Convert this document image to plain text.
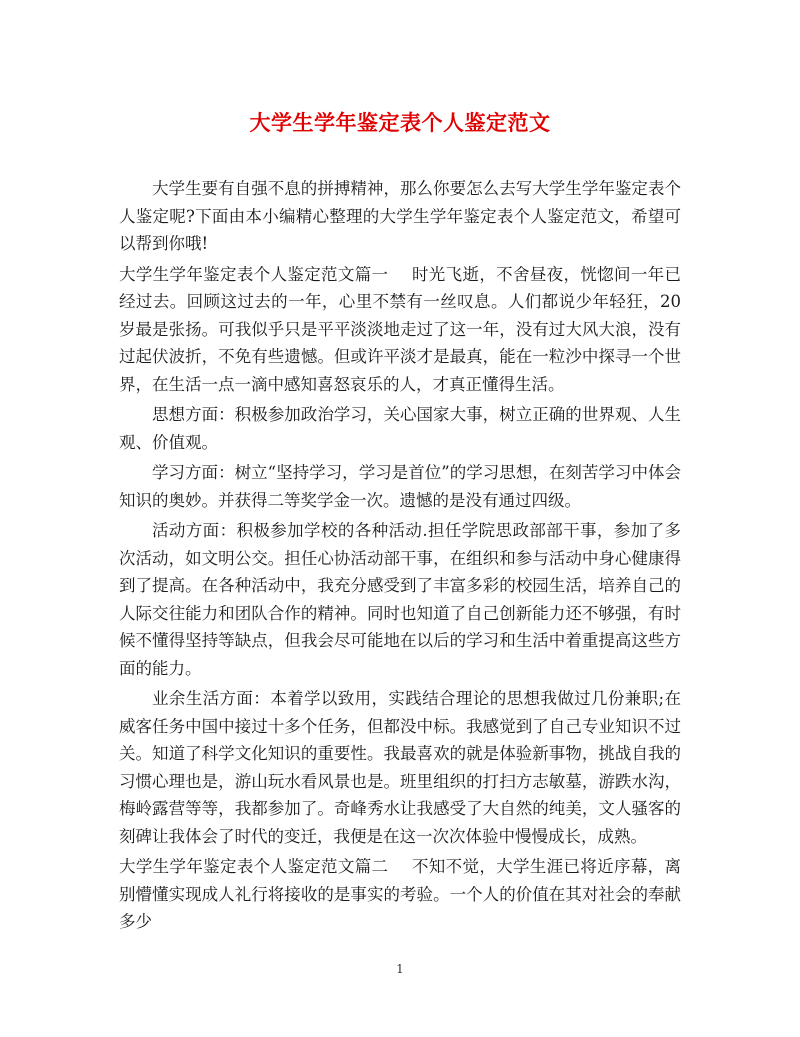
大学生学年鉴定表个人鉴定范文

大学生要有自强不息的拼搏精神，那么你要怎么去写大学生学年鉴定表个人鉴定呢?下面由本小编精心整理的大学生学年鉴定表个人鉴定范文，希望可以帮到你哦!

大学生学年鉴定表个人鉴定范文篇一 时光飞逝，不舍昼夜，恍惚间一年已经过去。回顾这过去的一年，心里不禁有一丝叹息。人们都说少年轻狂，20岁最是张扬。可我似乎只是平平淡淡地走过了这一年，没有过大风大浪，没有过起伏波折，不免有些遗憾。但或许平淡才是最真，能在一粒沙中探寻一个世界，在生活一点一滴中感知喜怒哀乐的人，才真正懂得生活。

思想方面：积极参加政治学习，关心国家大事，树立正确的世界观、人生观、价值观。

学习方面：树立“坚持学习，学习是首位”的学习思想，在刻苦学习中体会知识的奥妙。并获得二等奖学金一次。遗憾的是没有通过四级。

活动方面：积极参加学校的各种活动.担任学院思政部部干事，参加了多次活动，如文明公交。担任心协活动部干事，在组织和参与活动中身心健康得到了提高。在各种活动中，我充分感受到了丰富多彩的校园生活，培养自己的人际交往能力和团队合作的精神。同时也知道了自己创新能力还不够强，有时候不懂得坚持等缺点，但我会尽可能地在以后的学习和生活中着重提高这些方面的能力。

业余生活方面：本着学以致用，实践结合理论的思想我做过几份兼职;在威客任务中国中接过十多个任务，但都没中标。我感觉到了自己专业知识不过关。知道了科学文化知识的重要性。我最喜欢的就是体验新事物，挑战自我的习惯心理也是，游山玩水看风景也是。班里组织的打扫方志敏墓，游跌水沟，梅岭露营等等，我都参加了。奇峰秀水让我感受了大自然的纯美，文人骚客的刻碑让我体会了时代的变迁，我便是在这一次次体验中慢慢成长，成熟。

大学生学年鉴定表个人鉴定范文篇二 不知不觉，大学生涯已将近序幕，离别懵懂实现成人礼行将接收的是事实的考验。一个人的价值在其对社会的奉献多少

1
